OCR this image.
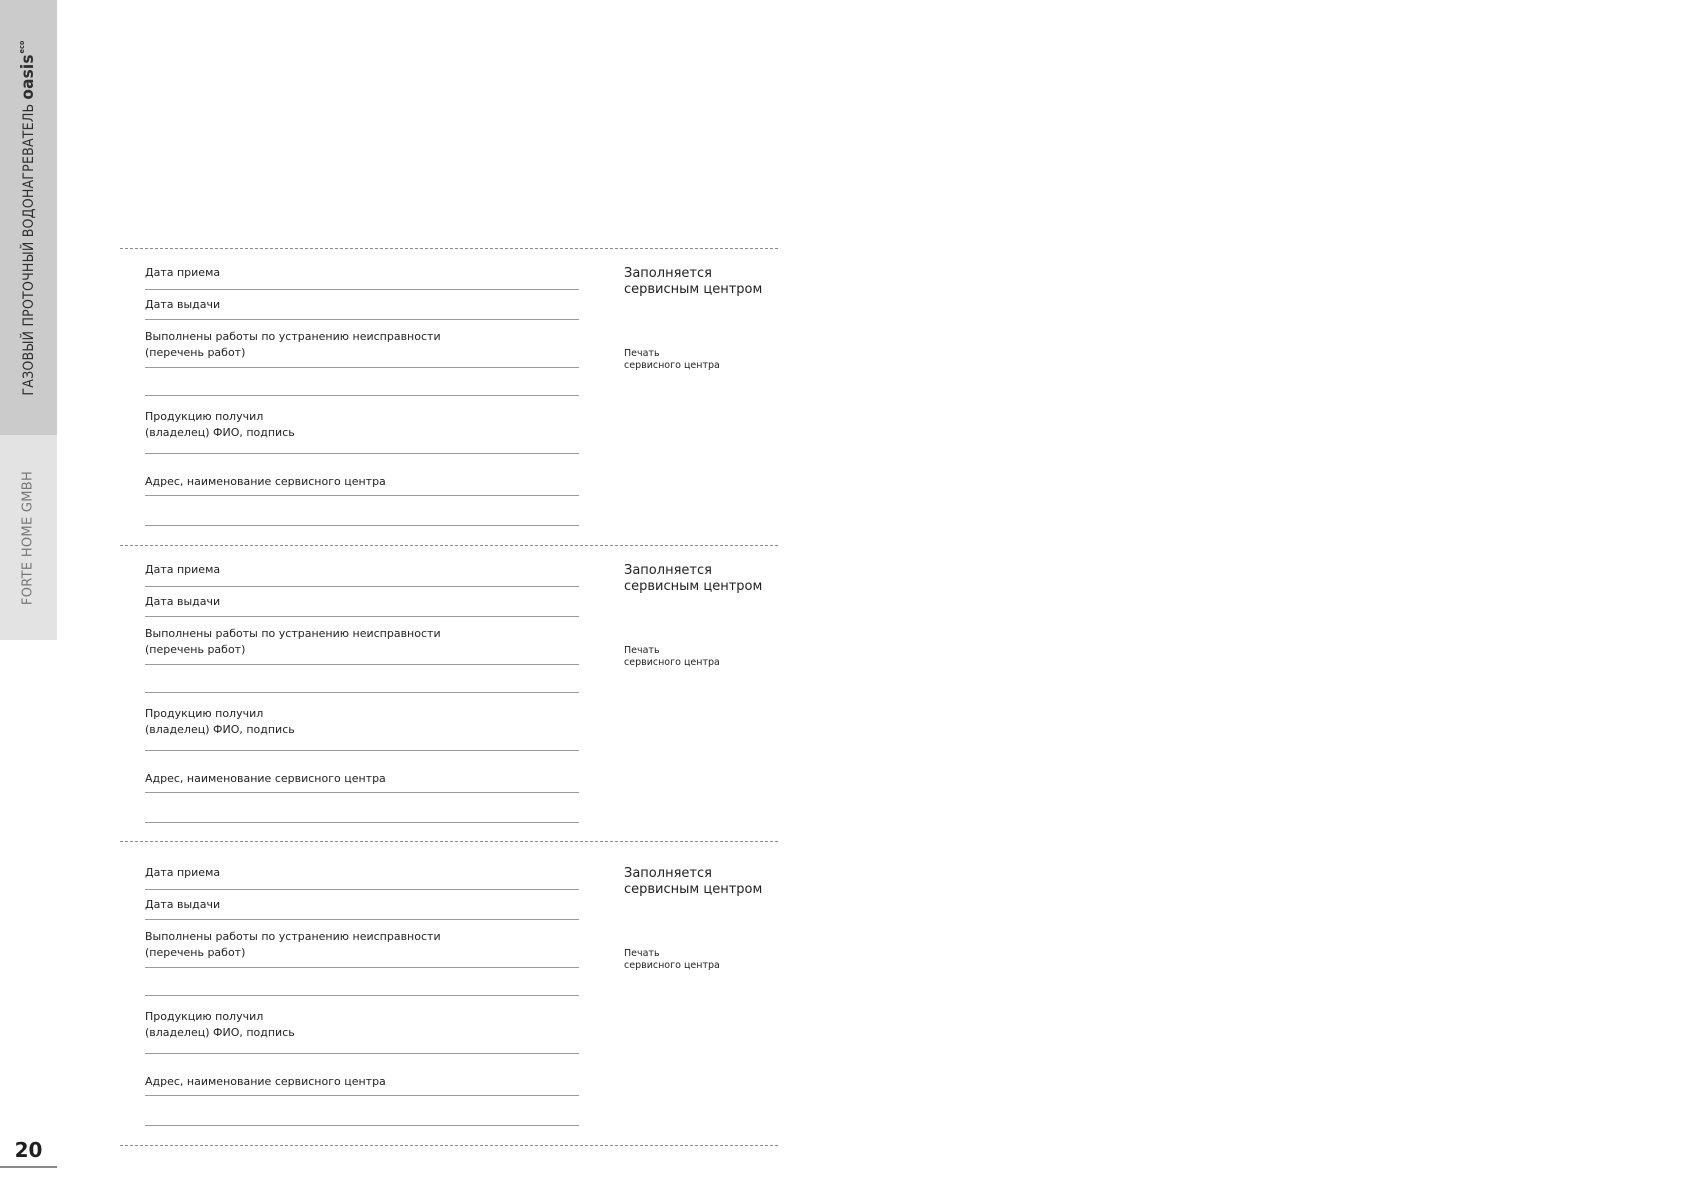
ГАЗОВЫЙ ПРОТОЧНЫЙ ВОДОНАГРЕВАТЕЛЬoasis$^{eco}$
FORTE HOME GMBH
20
Дата приема
Дата выдачи
Выполнены работы по устранению неисправности
(перечень работ)
Продукцию получил
(владелец) ФИО, подпись
Адрес, наименование сервисного центра
Заполняется
сервисным центром
Печать
сервисного центра
Дата приема
Дата выдачи
Выполнены работы по устранению неисправности
(перечень работ)
Продукцию получил
(владелец) ФИО, подпись
Адрес, наименование сервисного центра
Заполняется
сервисным центром
Печать
сервисного центра
Дата приема
Дата выдачи
Выполнены работы по устранению неисправности
(перечень работ)
Продукцию получил
(владелец) ФИО, подпись
Адрес, наименование сервисного центра
Заполняется
сервисным центром
Печать
сервисного центра
